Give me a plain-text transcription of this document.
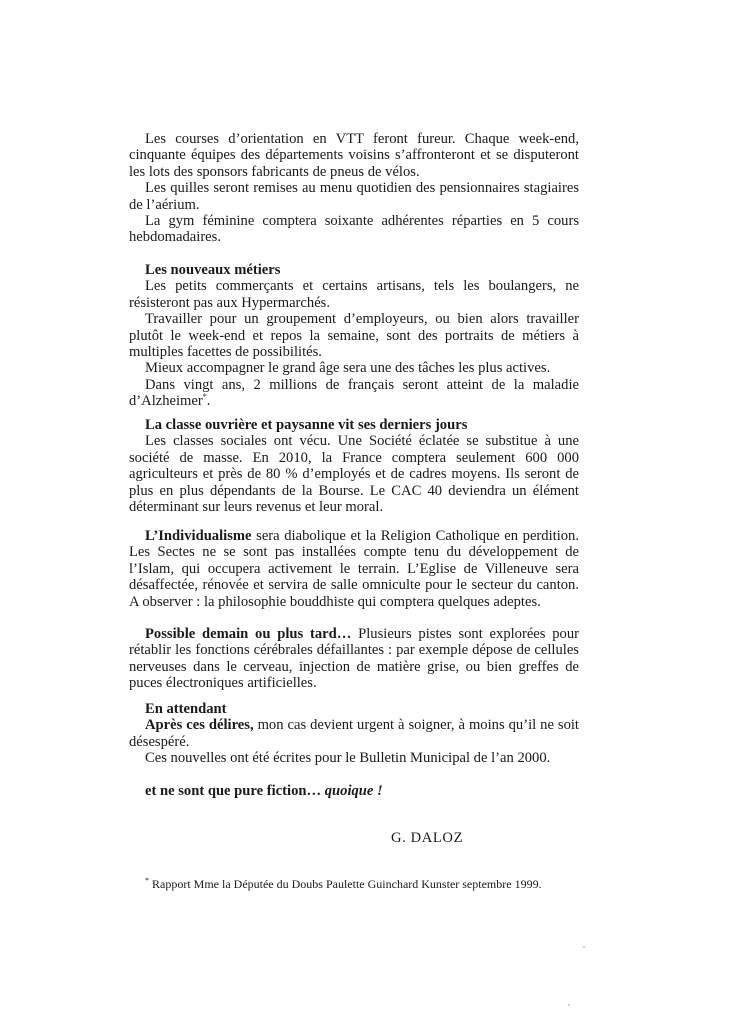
Les courses d’orientation en VTT feront fureur. Chaque week-end, cinquante équipes des départements voisins s’affronteront et se disputeront les lots des sponsors fabricants de pneus de vélos.

Les quilles seront remises au menu quotidien des pensionnaires stagiaires de l’aérium.

La gym féminine comptera soixante adhérentes réparties en 5 cours hebdomadaires.

Les nouveaux métiers

Les petits commerçants et certains artisans, tels les boulangers, ne résisteront pas aux Hypermarchés.

Travailler pour un groupement d’employeurs, ou bien alors travailler plutôt le week-end et repos la semaine, sont des portraits de métiers à multiples facettes de possibilités.

Mieux accompagner le grand âge sera une des tâches les plus actives.

Dans vingt ans, 2 millions de français seront atteint de la maladie d’Alzheimer*.

La classe ouvrière et paysanne vit ses derniers jours

Les classes sociales ont vécu. Une Société éclatée se substitue à une société de masse. En 2010, la France comptera seulement 600 000 agriculteurs et près de 80 % d’employés et de cadres moyens. Ils seront de plus en plus dépendants de la Bourse. Le CAC 40 deviendra un élément déterminant sur leurs revenus et leur moral.

L’Individualisme sera diabolique et la Religion Catholique en perdition. Les Sectes ne se sont pas installées compte tenu du développement de l’Islam, qui occupera activement le terrain. L’Eglise de Villeneuve sera désaffectée, rénovée et servira de salle omniculte pour le secteur du canton. A observer : la philosophie bouddhiste qui comptera quelques adeptes.

Possible demain ou plus tard… Plusieurs pistes sont explorées pour rétablir les fonctions cérébrales défaillantes : par exemple dépose de cellules nerveuses dans le cerveau, injection de matière grise, ou bien greffes de puces électroniques artificielles.

En attendant

Après ces délires, mon cas devient urgent à soigner, à moins qu’il ne soit désespéré.

Ces nouvelles ont été écrites pour le Bulletin Municipal de l’an 2000.

et ne sont que pure fiction… quoique !

G. DALOZ
* Rapport Mme la Députée du Doubs Paulette Guinchard Kunster septembre 1999.
